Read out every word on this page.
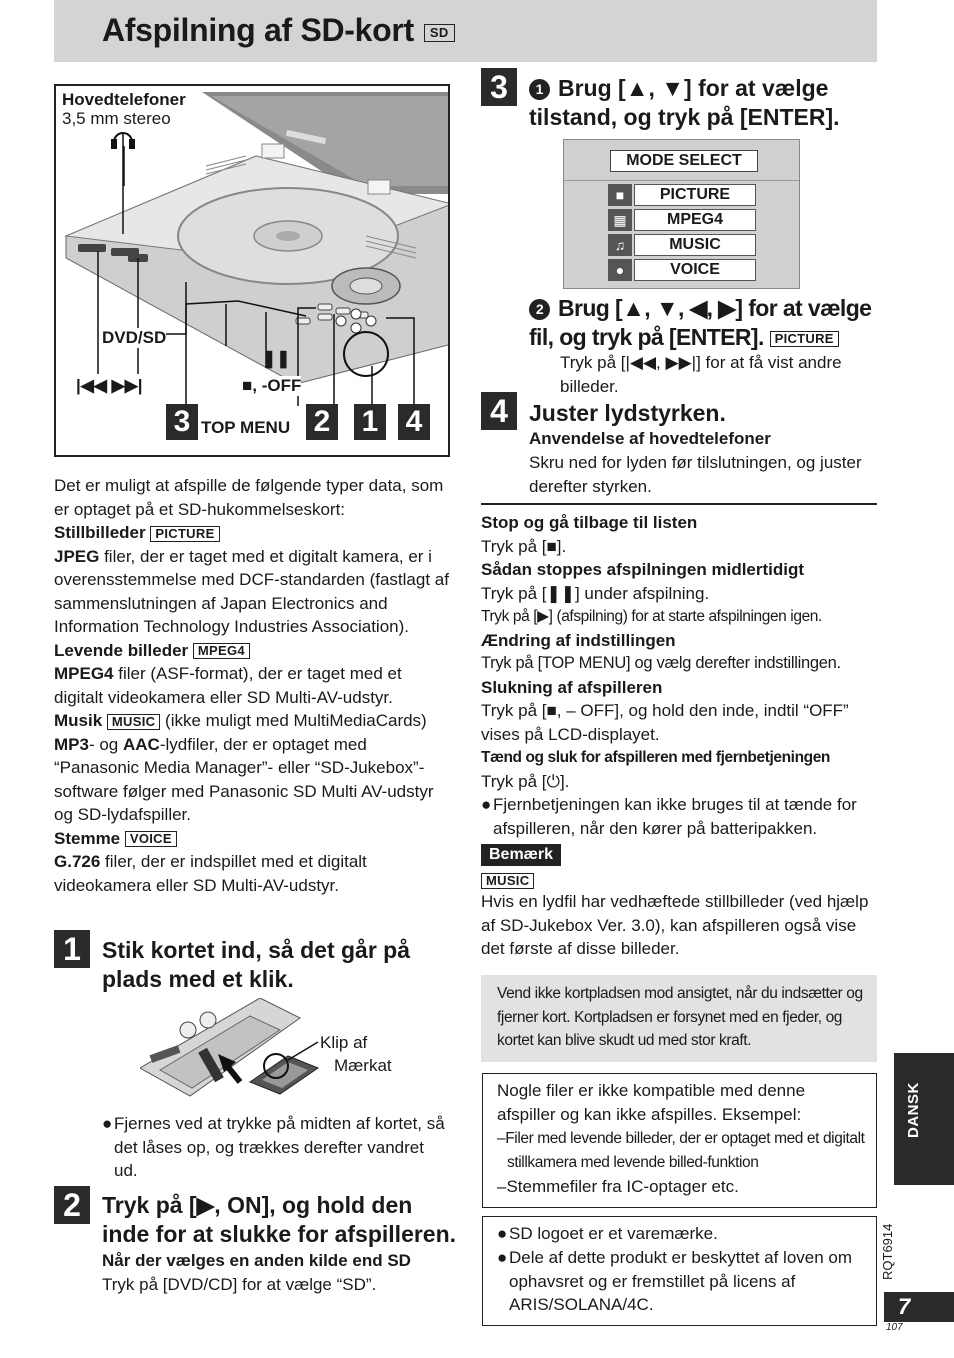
Afspilning af SD-kort SD
Hovedtelefoner
3,5 mm stereo
DVD/SD
❚❚
|◀◀ ▶▶|	■, -OFF
TOP MENU
3	2 1 4
Det er muligt at afspille de følgende typer data, som er optaget på et SD-hukommelseskort:
Stillbilleder PICTURE
JPEG filer, der er taget med et digitalt kamera, er i overensstemmelse med DCF-standarden (fastlagt af sammenslutningen af Japan Electronics and Information Technology Industries Association).
Levende billeder MPEG4
MPEG4 filer (ASF-format), der er taget med et digitalt videokamera eller SD Multi-AV-udstyr.
Musik MUSIC (ikke muligt med MultiMediaCards)
MP3- og AAC-lydfiler, der er optaget med “Panasonic Media Manager”- eller “SD-Jukebox”-software følger med Panasonic SD Multi AV-udstyr og SD-lydafspiller.
Stemme VOICE
G.726 filer, der er indspillet med et digitalt videokamera eller SD Multi-AV-udstyr.
1 Stik kortet ind, så det går på plads med et klik.
Klip af
Mærkat
● Fjernes ved at trykke på midten af kortet, så det låses op, og trækkes derefter vandret ud.
2 Tryk på [▶, ON], og hold den inde for at slukke for afspilleren.
Når der vælges en anden kilde end SD
Tryk på [DVD/CD] for at vælge “SD”.
3	1 Brug [▲, ▼] for at vælge tilstand, og tryk på [ENTER].
MODE SELECT
■	PICTURE
▦	MPEG4
♫	MUSIC
●	VOICE
2 Brug [▲, ▼, ◀, ▶] for at vælge fil, og tryk på [ENTER]. PICTURE
Tryk på [|◀◀, ▶▶|] for at få vist andre billeder.
4 Juster lydstyrken.
Anvendelse af hovedtelefoner
Skru ned for lyden før tilslutningen, og juster derefter styrken.
Stop og gå tilbage til listen
Tryk på [■].
Sådan stoppes afspilningen midlertidigt
Tryk på [❚❚] under afspilning.
Tryk på [▶] (afspilning) for at starte afspilningen igen.
Ændring af indstillingen
Tryk på [TOP MENU] og vælg derefter indstillingen.
Slukning af afspilleren
Tryk på [■, – OFF], og hold den inde, indtil “OFF” vises på LCD-displayet.
Tænd og sluk for afspilleren med fjernbetjeningen
Tryk på [⏻].
● Fjernbetjeningen kan ikke bruges til at tænde for afspilleren, når den kører på batteripakken.
Bemærk
MUSIC
Hvis en lydfil har vedhæftede stillbilleder (ved hjælp af SD-Jukebox Ver. 3.0), kan afspilleren også vise det første af disse billeder.
Vend ikke kortpladsen mod ansigtet, når du indsætter og fjerner kort. Kortpladsen er forsynet med en fjeder, og kortet kan blive skudt ud med stor kraft.
Nogle filer er ikke kompatible med denne afspiller og kan ikke afspilles. Eksempel:
–Filer med levende billeder, der er optaget med et digitalt stillkamera med levende billed-funktion
–Stemmefiler fra IC-optager etc.
● SD logoet er et varemærke.
● Dele af dette produkt er beskyttet af loven om ophavsret og er fremstillet på licens af ARIS/SOLANA/4C.
DANSK
RQT6914
7
107
